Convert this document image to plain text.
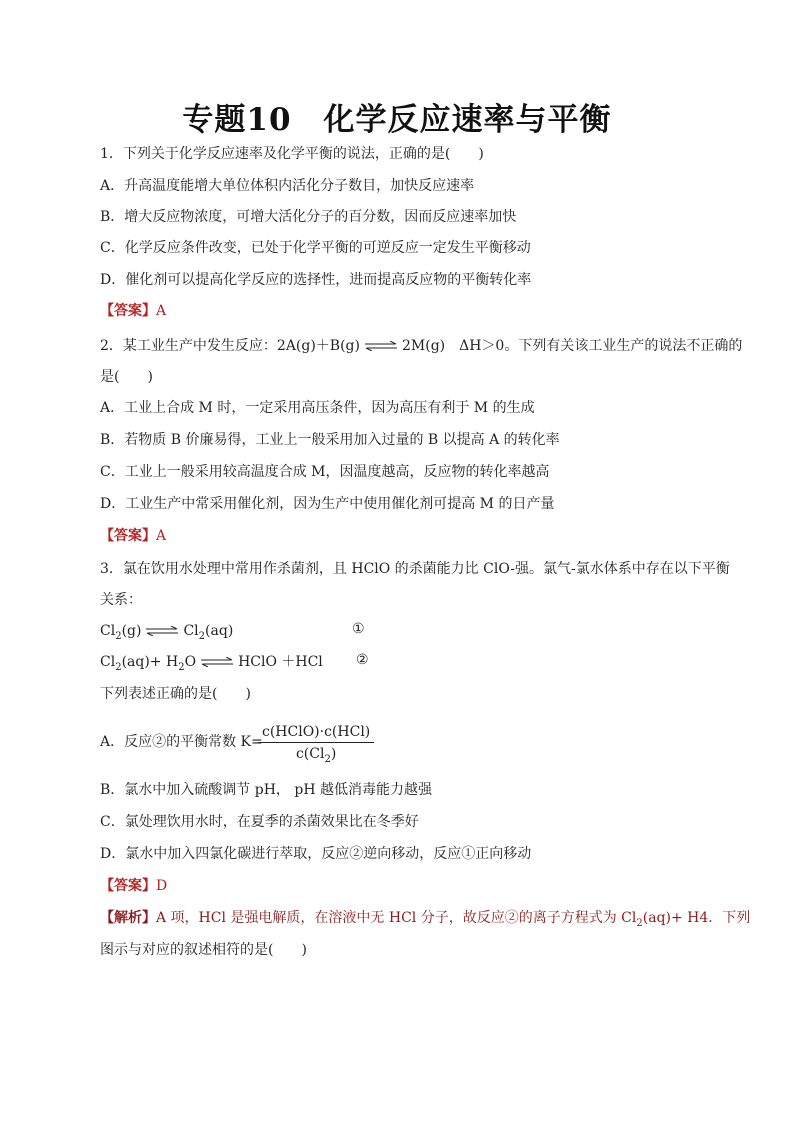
专题10　化学反应速率与平衡
1．下列关于化学反应速率及化学平衡的说法，正确的是(　　)
A．升高温度能增大单位体积内活化分子数目，加快反应速率
B．增大反应物浓度，可增大活化分子的百分数，因而反应速率加快
C．化学反应条件改变，已处于化学平衡的可逆反应一定发生平衡移动
D．催化剂可以提高化学反应的选择性，进而提高反应物的平衡转化率
【答案】A
2．某工业生产中发生反应：2A(g)＋B(g) ⇌ 2M(g)　ΔH＞0。下列有关该工业生产的说法不正确的
是(　　)
A．工业上合成 M 时，一定采用高压条件，因为高压有利于 M 的生成
B．若物质 B 价廉易得，工业上一般采用加入过量的 B 以提高 A 的转化率
C．工业上一般采用较高温度合成 M，因温度越高，反应物的转化率越高
D．工业生产中常采用催化剂，因为生产中使用催化剂可提高 M 的日产量
【答案】A
3．氯在饮用水处理中常用作杀菌剂，且 HClO 的杀菌能力比 ClO-强。氯气-氯水体系中存在以下平衡
关系：
$Cl_2(g)$ ⇌ $Cl_2(aq)$	①
$Cl_2(aq)+ H_2O$ ⇌ HClO ＋HCl ②
下列表述正确的是(　　)
A．反应②的平衡常数 K=
c(HClO)·c(HCl)
$c(Cl_2)$
B．氯水中加入硫酸调节 pH， pH 越低消毒能力越强
C．氯处理饮用水时，在夏季的杀菌效果比在冬季好
D．氯水中加入四氯化碳进行萃取，反应②逆向移动，反应①正向移动
【答案】D
【解析】A 项，HCl 是强电解质，在溶液中无 HCl 分子，故反应②的离子方程式为 $Cl_2(aq)+ H4$．下列
图示与对应的叙述相符的是(　　)
